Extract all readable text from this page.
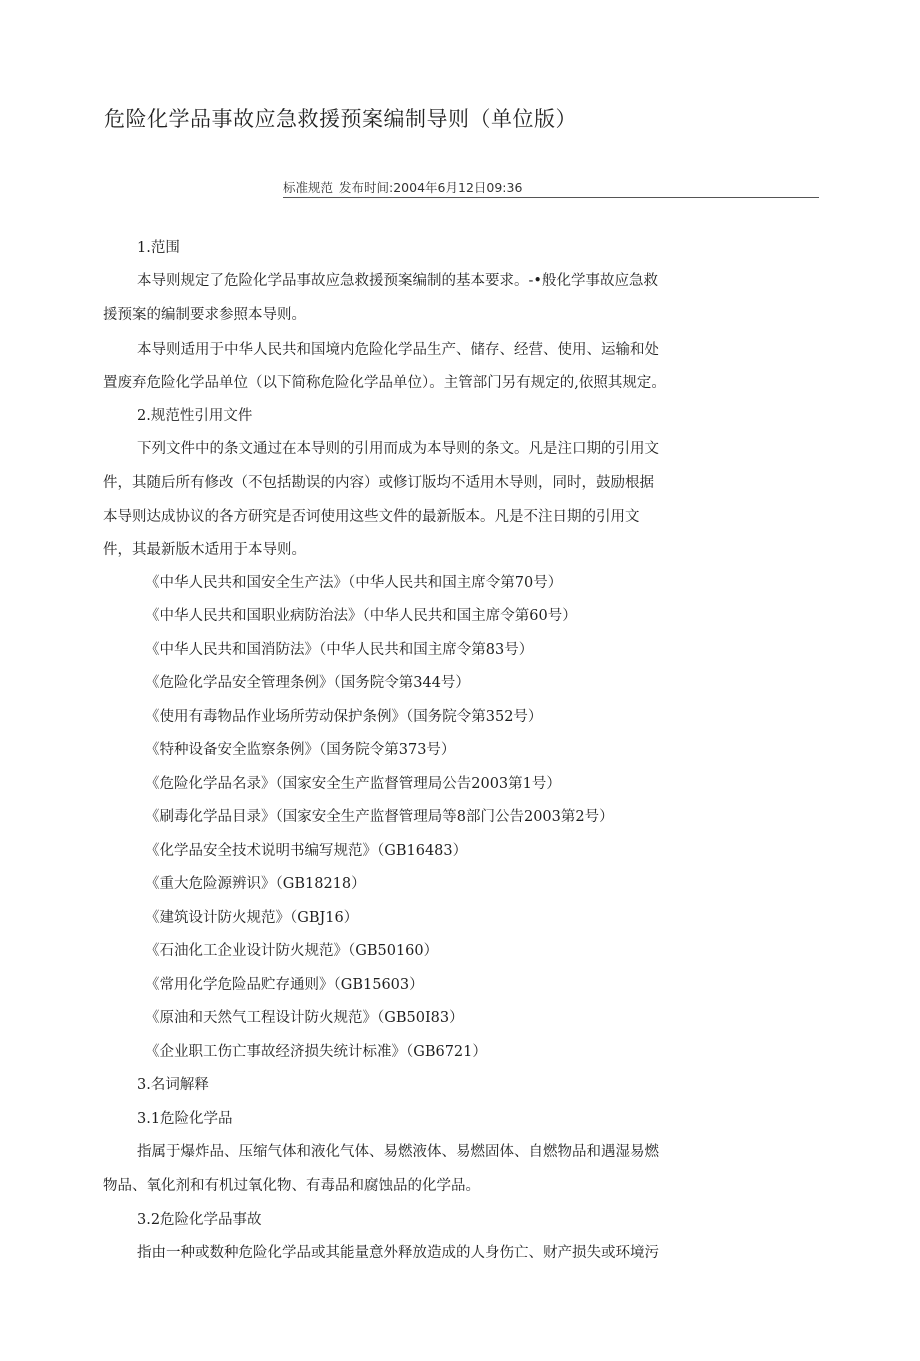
危险化学品事故应急救援预案编制导则（单位版）
标准规范 发布时间:2004年6月12日09:36
1.范围
本导则规定了危险化学品事故应急救援预案编制的基本要求。-•般化学事故应急救
援预案的编制要求参照本导则。
本导则适用于中华人民共和国境内危险化学品生产、储存、经营、使用、运输和处
置废弃危险化学品单位（以下简称危险化学品单位）。主管部门另有规定的,依照其规定。
2.规范性引用文件
下列文件中的条文通过在本导则的引用而成为本导则的条文。凡是注口期的引用文
件，其随后所有修改（不包括勘误的内容）或修订版均不适用木导则，同时，鼓励根据
本导则达成协议的各方研究是否诃使用这些文件的最新版本。凡是不注日期的引用文
件，其最新版木适用于本导则。
《中华人民共和国安全生产法》（中华人民共和国主席令第70号）
《中华人民共和国职业病防治法》（中华人民共和国主席令第60号）
《中华人民共和国消防法》（中华人民共和国主席令第83号）
《危险化学品安全管理条例》（国务院令第344号）
《使用有毒物品作业场所劳动保护条例》（国务院令第352号）
《特种设备安全监察条例》（国务院令第373号）
《危险化学品名录》（国家安全生产监督管理局公告2003第1号）
《刷毒化学品目录》（国家安全生产监督管理局等8部门公告2003第2号）
《化学品安全技术说明书编写规范》（GB16483）
《重大危险源辨识》（GB18218）
《建筑设计防火规范》（GBJ16）
《石油化工企业设计防火规范》（GB50160）
《常用化学危险品贮存通则》（GB15603）
《原油和天然气工程设计防火规范》（GB50I83）
《企业职工伤亡事故经济损失统计标准》（GB6721）
3.名词解释
3.1危险化学品
指属于爆炸品、压缩气体和液化气体、易燃液体、易燃固体、自燃物品和遇湿易燃
物品、氧化剂和有机过氧化物、有毒品和腐蚀品的化学品。
3.2危险化学品事故
指由一种或数种危险化学品或其能量意外释放造成的人身伤亡、财产损失或环境污
